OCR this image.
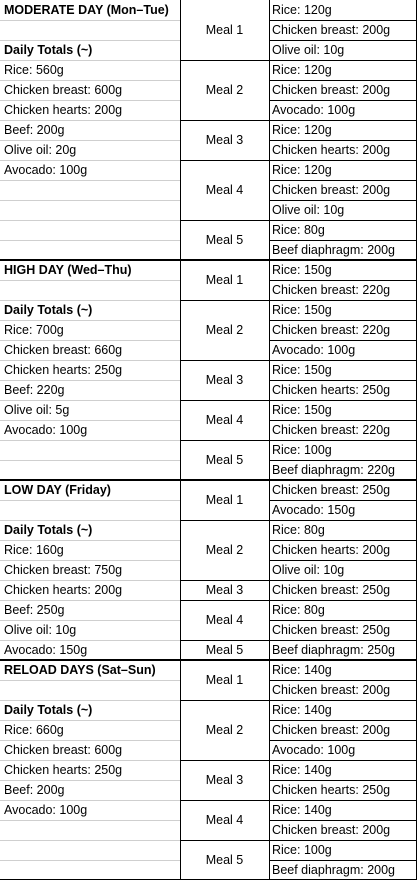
MODERATE DAY (Mon–Tue)
Daily Totals (~)
Rice: 560g
Chicken breast: 600g
Chicken hearts: 200g
Beef: 200g
Olive oil: 20g
Avocado: 100g
Meal 1
Rice: 120g
Chicken breast: 200g
Olive oil: 10g
Meal 2
Rice: 120g
Chicken breast: 200g
Avocado: 100g
Meal 3
Rice: 120g
Chicken hearts: 200g
Meal 4
Rice: 120g
Chicken breast: 200g
Olive oil: 10g
Meal 5
Rice: 80g
Beef diaphragm: 200g
HIGH DAY (Wed–Thu)
Daily Totals (~)
Rice: 700g
Chicken breast: 660g
Chicken hearts: 250g
Beef: 220g
Olive oil: 5g
Avocado: 100g
Meal 1
Rice: 150g
Chicken breast: 220g
Meal 2
Rice: 150g
Chicken breast: 220g
Avocado: 100g
Meal 3
Rice: 150g
Chicken hearts: 250g
Meal 4
Rice: 150g
Chicken breast: 220g
Meal 5
Rice: 100g
Beef diaphragm: 220g
LOW DAY (Friday)
Daily Totals (~)
Rice: 160g
Chicken breast: 750g
Chicken hearts: 200g
Beef: 250g
Olive oil: 10g
Avocado: 150g
Meal 1
Chicken breast: 250g
Avocado: 150g
Meal 2
Rice: 80g
Chicken hearts: 200g
Olive oil: 10g
Meal 3	Chicken breast: 250g
Meal 4
Rice: 80g
Chicken breast: 250g
Meal 5	Beef diaphragm: 250g
RELOAD DAYS (Sat–Sun)
Daily Totals (~)
Rice: 660g
Chicken breast: 600g
Chicken hearts: 250g
Beef: 200g
Avocado: 100g
Meal 1
Rice: 140g
Chicken breast: 200g
Meal 2
Rice: 140g
Chicken breast: 200g
Avocado: 100g
Meal 3
Rice: 140g
Chicken hearts: 250g
Meal 4
Rice: 140g
Chicken breast: 200g
Meal 5
Rice: 100g
Beef diaphragm: 200g
